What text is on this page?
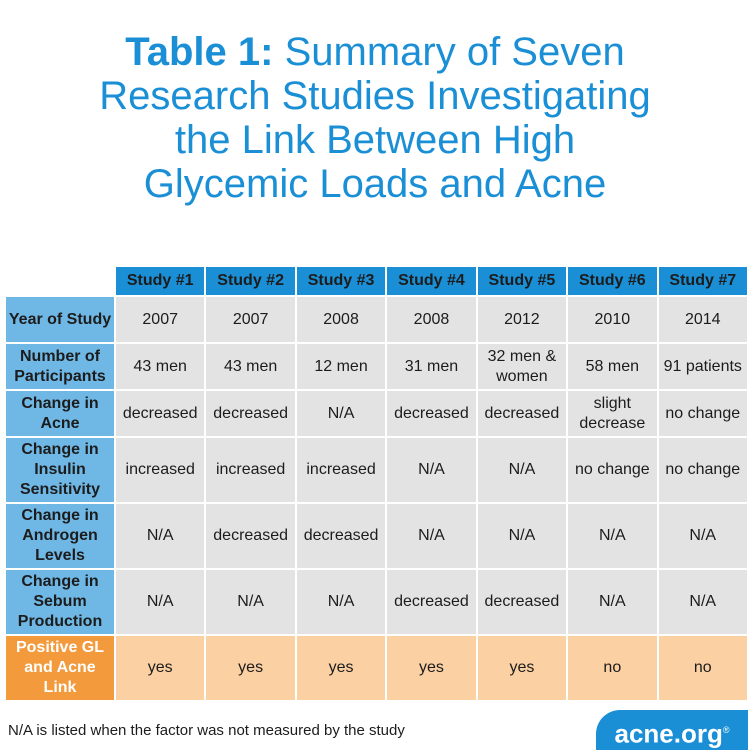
Table 1: Summary of Seven
Research Studies Investigating
the Link Between High
Glycemic Loads and Acne
	Study #1	Study #2	Study #3	Study #4	Study #5	Study #6	Study #7
Year of Study	2007	2007	2008	2008	2012	2010	2014
Number of Participants	43 men	43 men	12 men	31 men	32 men & women	58 men	91 patients
Change in Acne	decreased	decreased	N/A	decreased	decreased	slight decrease	no change
Change in Insulin Sensitivity	increased	increased	increased	N/A	N/A	no change	no change
Change in Androgen Levels	N/A	decreased	decreased	N/A	N/A	N/A	N/A
Change in Sebum Production	N/A	N/A	N/A	decreased	decreased	N/A	N/A
Positive GL and Acne Link	yes	yes	yes	yes	yes	no	no
N/A is listed when the factor was not measured by the study	acne.org®
